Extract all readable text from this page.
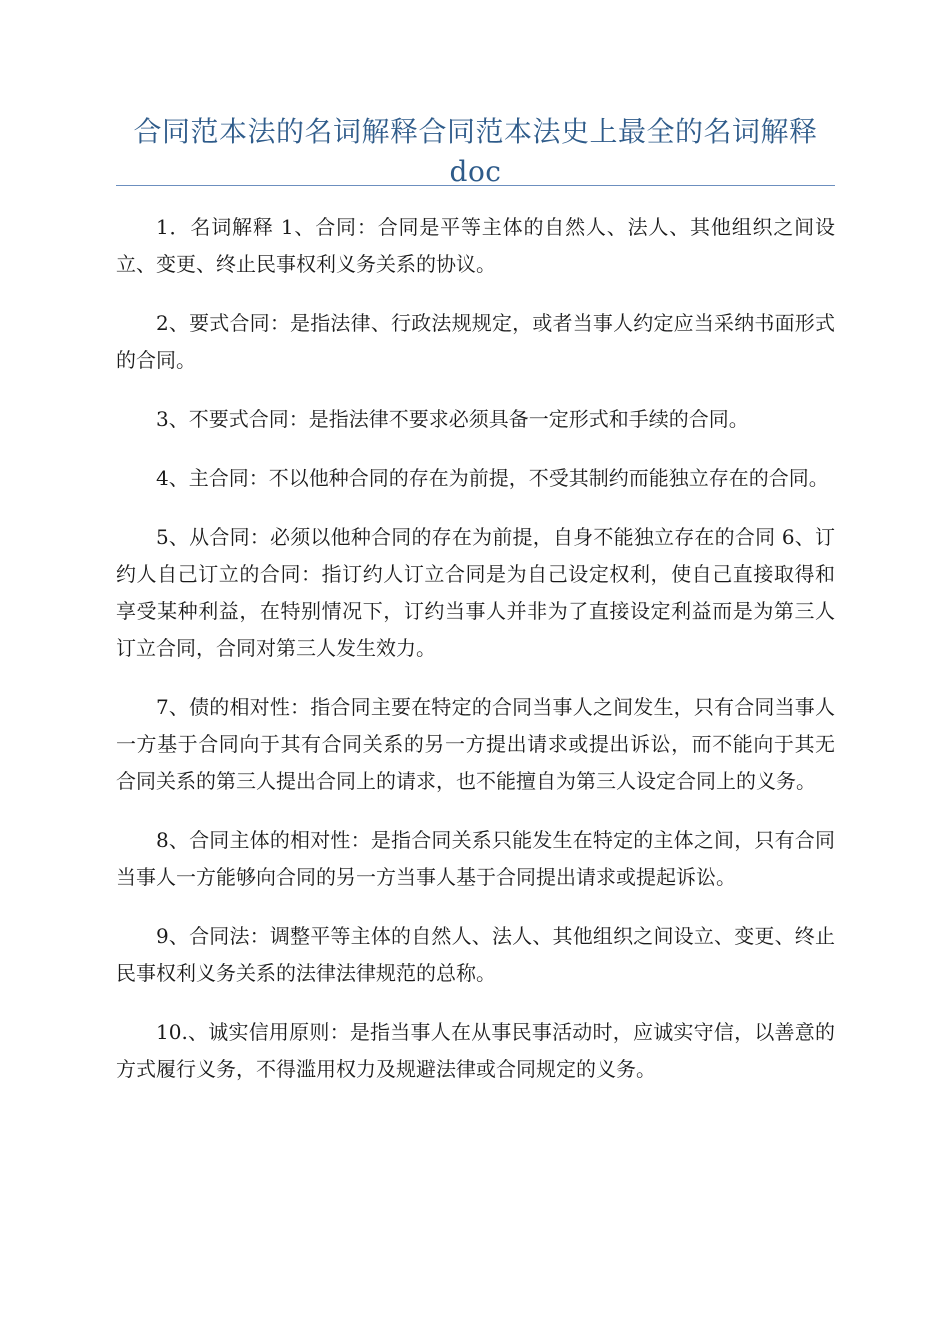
合同范本法的名词解释合同范本法史上最全的名词解释doc

1．名词解释 1、合同：合同是平等主体的自然人、法人、其他组织之间设立、变更、终止民事权利义务关系的协议。

2、要式合同：是指法律、行政法规规定，或者当事人约定应当采纳书面形式的合同。

3、不要式合同：是指法律不要求必须具备一定形式和手续的合同。

4、主合同：不以他种合同的存在为前提，不受其制约而能独立存在的合同。

5、从合同：必须以他种合同的存在为前提，自身不能独立存在的合同 6、订约人自己订立的合同：指订约人订立合同是为自己设定权利，使自己直接取得和享受某种利益，在特别情况下，订约当事人并非为了直接设定利益而是为第三人订立合同，合同对第三人发生效力。

7、债的相对性：指合同主要在特定的合同当事人之间发生，只有合同当事人一方基于合同向于其有合同关系的另一方提出请求或提出诉讼，而不能向于其无合同关系的第三人提出合同上的请求，也不能擅自为第三人设定合同上的义务。

8、合同主体的相对性：是指合同关系只能发生在特定的主体之间，只有合同当事人一方能够向合同的另一方当事人基于合同提出请求或提起诉讼。

9、合同法：调整平等主体的自然人、法人、其他组织之间设立、变更、终止民事权利义务关系的法律法律规范的总称。

10.、诚实信用原则：是指当事人在从事民事活动时，应诚实守信，以善意的方式履行义务，不得滥用权力及规避法律或合同规定的义务。
